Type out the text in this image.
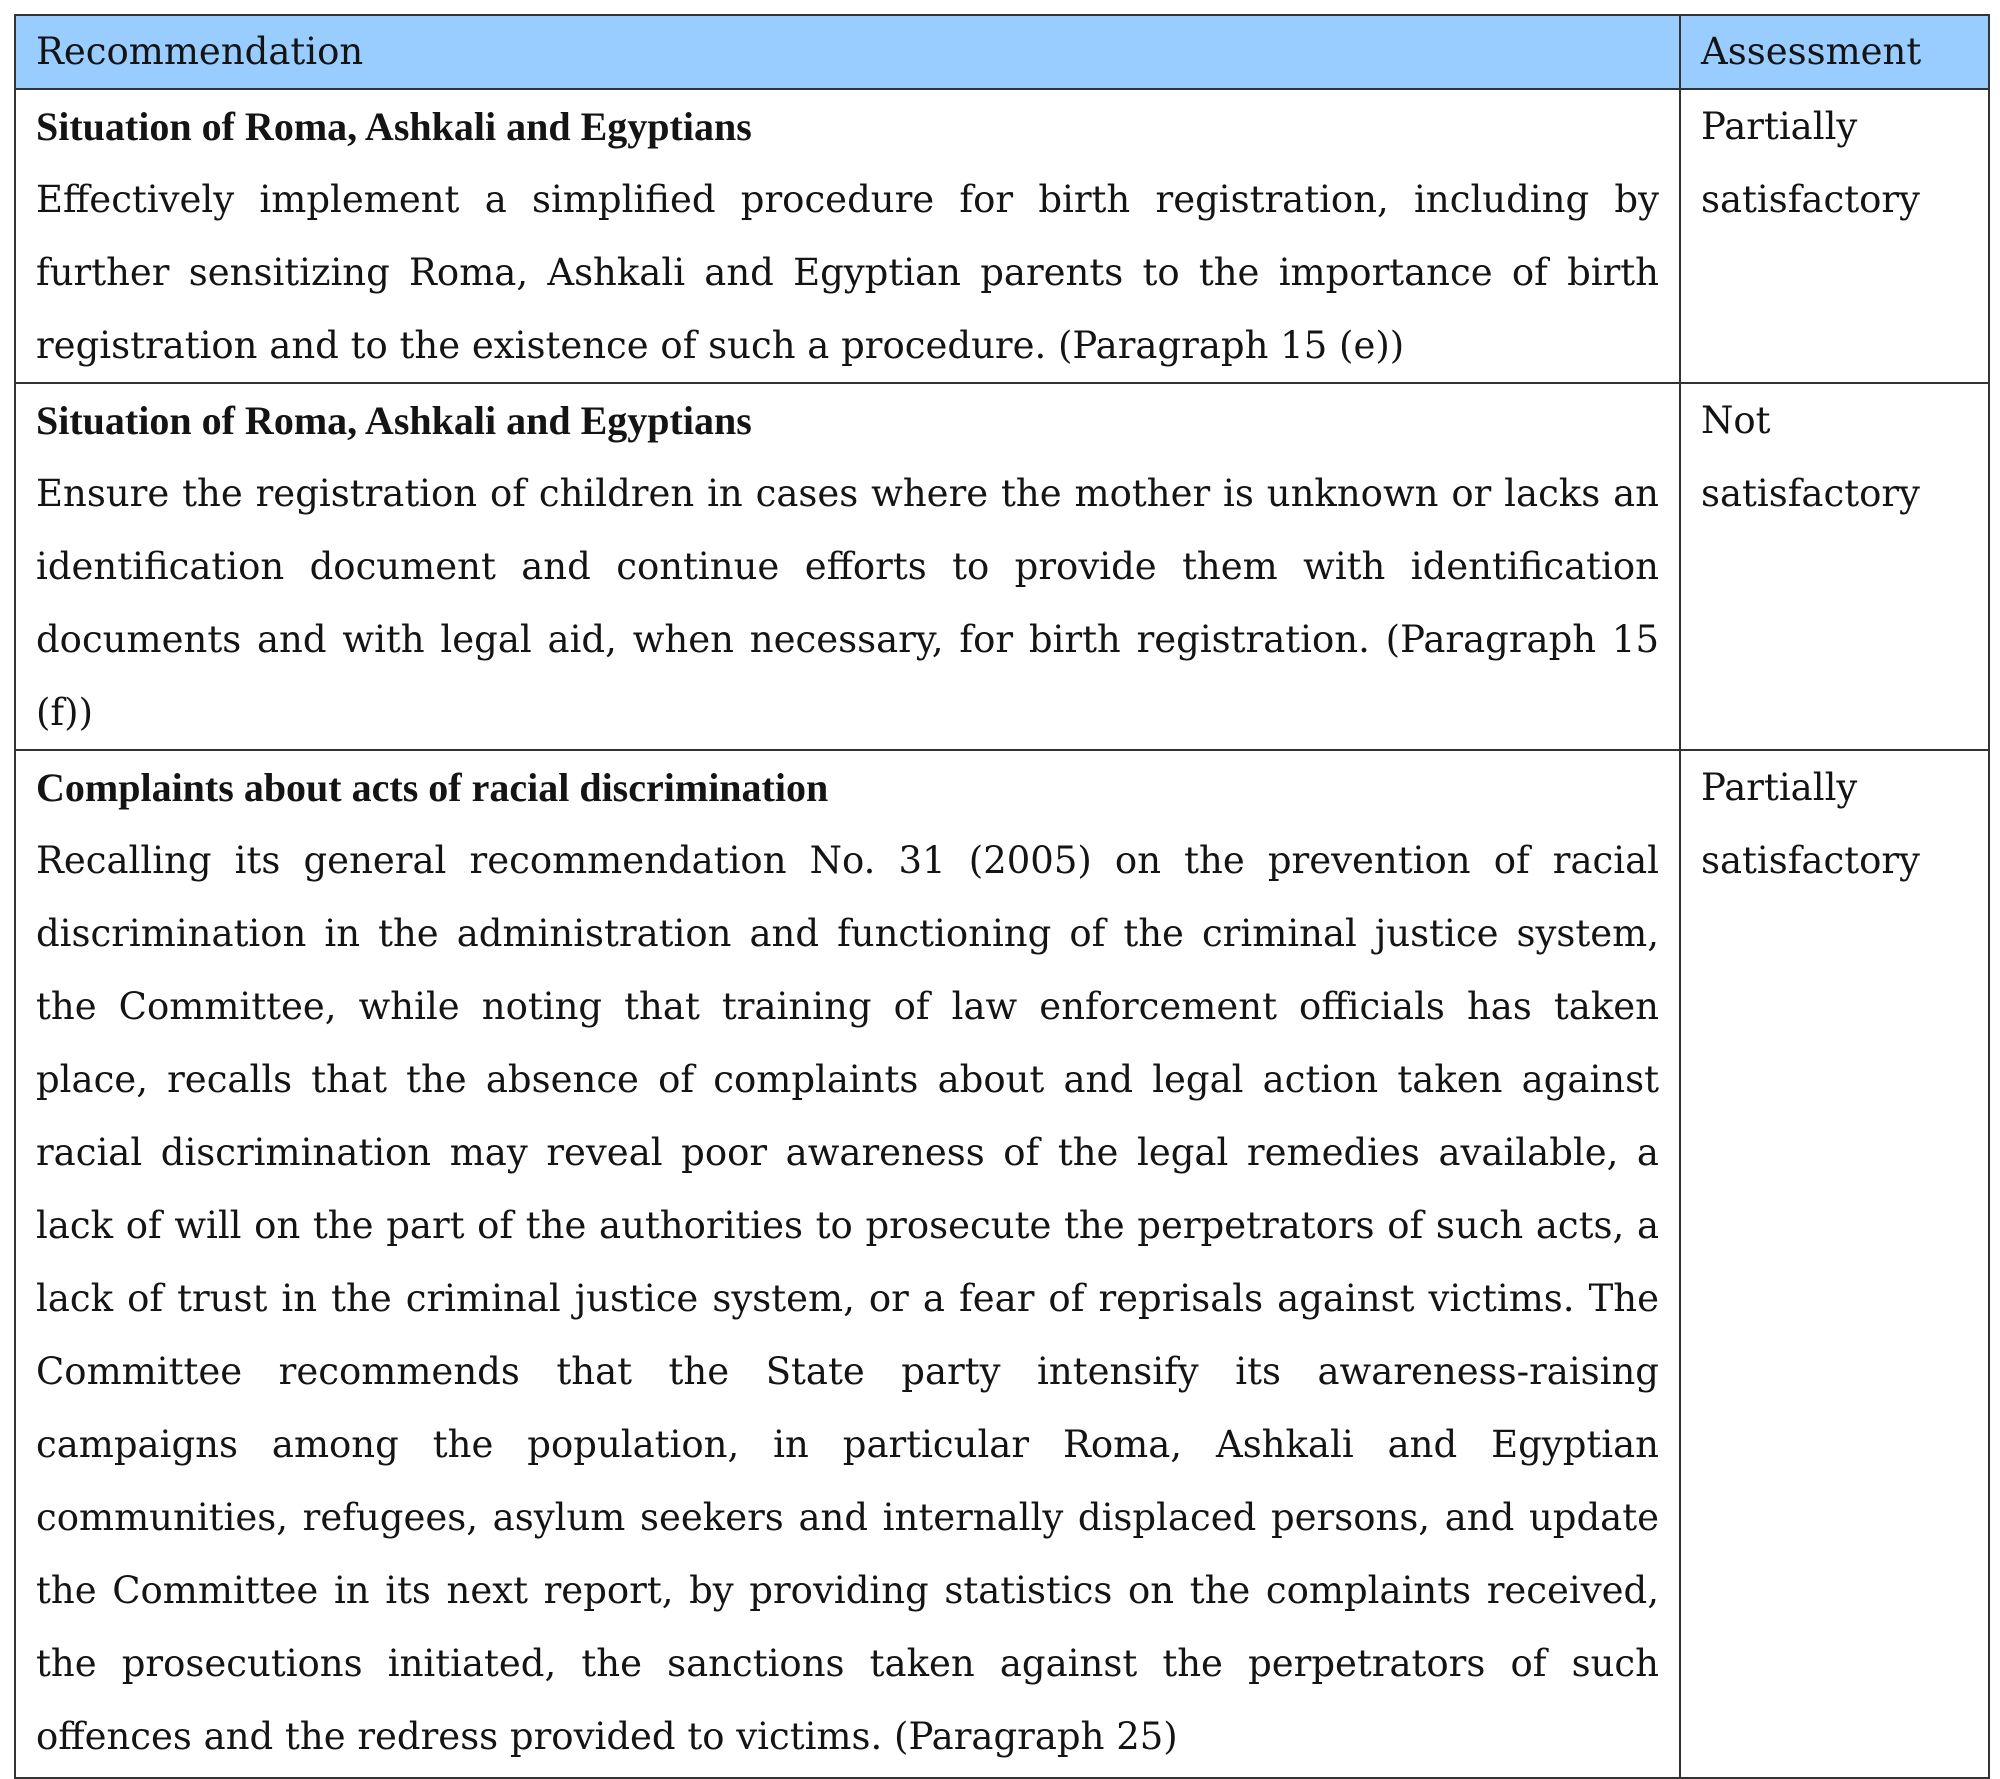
Recommendation	Assessment

Situation of Roma, Ashkali and Egyptians
Effectively implement a simplified procedure for birth registration, including by further sensitizing Roma, Ashkali and Egyptian parents to the importance of birth registration and to the existence of such a procedure. (Paragraph 15 (e))	Partially satisfactory

Situation of Roma, Ashkali and Egyptians
Ensure the registration of children in cases where the mother is unknown or lacks an identification document and continue efforts to provide them with identification documents and with legal aid, when necessary, for birth registration. (Paragraph 15 (f))	Not satisfactory

Complaints about acts of racial discrimination
Recalling its general recommendation No. 31 (2005) on the prevention of racial discrimination in the administration and functioning of the criminal justice system, the Committee, while noting that training of law enforcement officials has taken place, recalls that the absence of complaints about and legal action taken against racial discrimination may reveal poor awareness of the legal remedies available, a lack of will on the part of the authorities to prosecute the perpetrators of such acts, a lack of trust in the criminal justice system, or a fear of reprisals against victims. The Committee recommends that the State party intensify its awareness-raising campaigns among the population, in particular Roma, Ashkali and Egyptian communities, refugees, asylum seekers and internally displaced persons, and update the Committee in its next report, by providing statistics on the complaints received, the prosecutions initiated, the sanctions taken against the perpetrators of such offences and the redress provided to victims. (Paragraph 25)	Partially satisfactory
